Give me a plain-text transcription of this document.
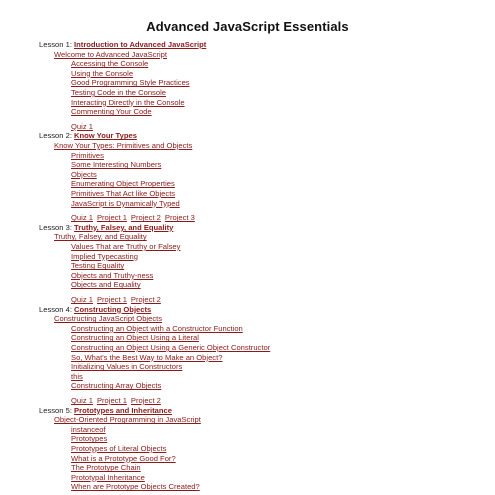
Advanced JavaScript Essentials
Lesson 1: Introduction to Advanced JavaScript
Welcome to Advanced JavaScript
Accessing the Console
Using the Console
Good Programming Style Practices
Testing Code in the Console
Interacting Directly in the Console
Commenting Your Code
Quiz 1
Lesson 2: Know Your Types
Know Your Types: Primitives and Objects
Primitives
Some Interesting Numbers
Objects
Enumerating Object Properties
Primitives That Act like Objects
JavaScript is Dynamically Typed
Quiz 1 Project 1 Project 2 Project 3
Lesson 3: Truthy, Falsey, and Equality
Truthy, Falsey, and Equality
Values That are Truthy or Falsey
Implied Typecasting
Testing Equality
Objects and Truthy-ness
Objects and Equality
Quiz 1 Project 1 Project 2
Lesson 4: Constructing Objects
Constructing JavaScript Objects
Constructing an Object with a Constructor Function
Constructing an Object Using a Literal
Constructing an Object Using a Generic Object Constructor
So, What's the Best Way to Make an Object?
Initializing Values in Constructors
this
Constructing Array Objects
Quiz 1 Project 1 Project 2
Lesson 5: Prototypes and Inheritance
Object-Oriented Programming in JavaScript
instanceof
Prototypes
Prototypes of Literal Objects
What is a Prototype Good For?
The Prototype Chain
Prototypal Inheritance
When are Prototype Objects Created?
